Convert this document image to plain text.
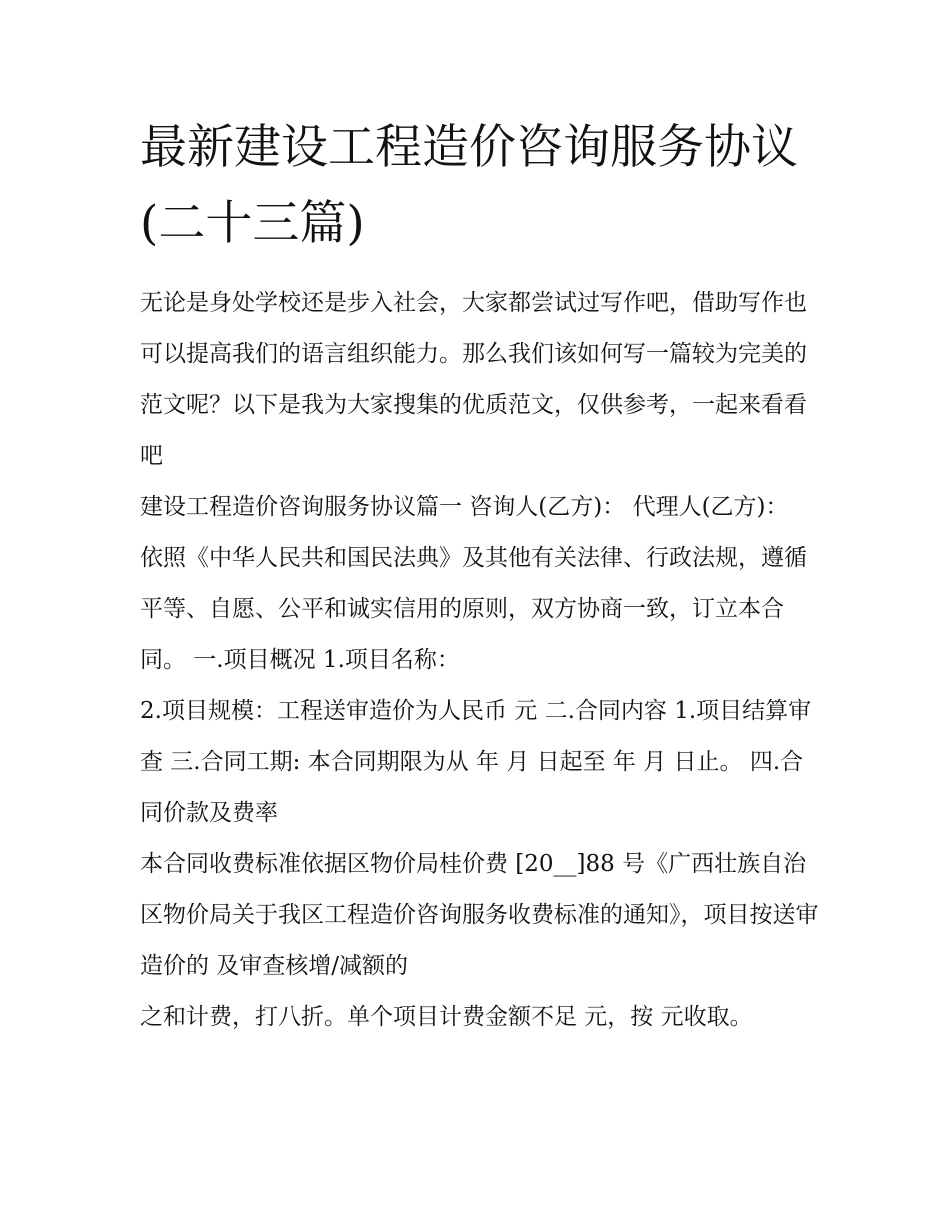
最新建设工程造价咨询服务协议(二十三篇)

无论是身处学校还是步入社会，大家都尝试过写作吧，借助写作也可以提高我们的语言组织能力。那么我们该如何写一篇较为完美的范文呢？以下是我为大家搜集的优质范文，仅供参考，一起来看看吧

建设工程造价咨询服务协议篇一 咨询人(乙方)： 代理人(乙方)：

依照《中华人民共和国民法典》及其他有关法律、行政法规，遵循平等、自愿、公平和诚实信用的原则，双方协商一致，订立本合同。 一.项目概况 1.项目名称：

2.项目规模：工程送审造价为人民币 元 二.合同内容 1.项目结算审查 三.合同工期: 本合同期限为从 年 月 日起至 年 月 日止。 四.合同价款及费率

本合同收费标准依据区物价局桂价费 [20__]88 号《广西壮族自治区物价局关于我区工程造价咨询服务收费标准的通知》，项目按送审造价的 及审查核增/减额的

之和计费，打八折。单个项目计费金额不足 元，按 元收取。
